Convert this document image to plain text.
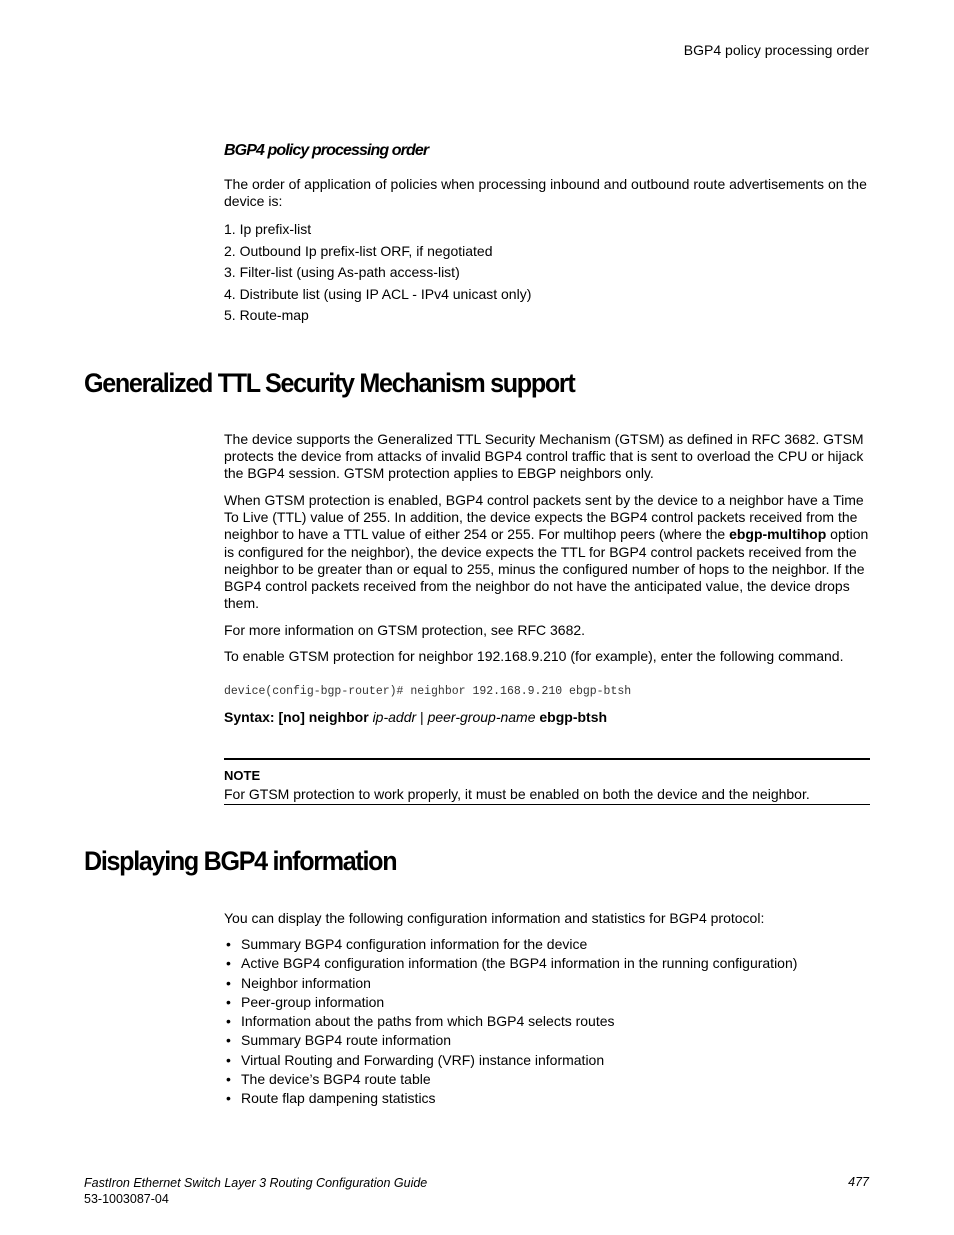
BGP4 policy processing order
BGP4 policy processing order
The order of application of policies when processing inbound and outbound route advertisements on the device is:
1. Ip prefix-list
2. Outbound Ip prefix-list ORF, if negotiated
3. Filter-list (using As-path access-list)
4. Distribute list (using IP ACL - IPv4 unicast only)
5. Route-map
Generalized TTL Security Mechanism support
The device supports the Generalized TTL Security Mechanism (GTSM) as defined in RFC 3682. GTSM protects the device from attacks of invalid BGP4 control traffic that is sent to overload the CPU or hijack the BGP4 session. GTSM protection applies to EBGP neighbors only.
When GTSM protection is enabled, BGP4 control packets sent by the device to a neighbor have a Time To Live (TTL) value of 255. In addition, the device expects the BGP4 control packets received from the neighbor to have a TTL value of either 254 or 255. For multihop peers (where the ebgp-multihop option is configured for the neighbor), the device expects the TTL for BGP4 control packets received from the neighbor to be greater than or equal to 255, minus the configured number of hops to the neighbor. If the BGP4 control packets received from the neighbor do not have the anticipated value, the device drops them.
For more information on GTSM protection, see RFC 3682.
To enable GTSM protection for neighbor 192.168.9.210 (for example), enter the following command.
device(config-bgp-router)# neighbor 192.168.9.210 ebgp-btsh
Syntax: [no] neighbor ip-addr | peer-group-name ebgp-btsh
NOTE
For GTSM protection to work properly, it must be enabled on both the device and the neighbor.
Displaying BGP4 information
You can display the following configuration information and statistics for BGP4 protocol:
• Summary BGP4 configuration information for the device
• Active BGP4 configuration information (the BGP4 information in the running configuration)
• Neighbor information
• Peer-group information
• Information about the paths from which BGP4 selects routes
• Summary BGP4 route information
• Virtual Routing and Forwarding (VRF) instance information
• The device’s BGP4 route table
• Route flap dampening statistics
FastIron Ethernet Switch Layer 3 Routing Configuration Guide
53-1003087-04
477
